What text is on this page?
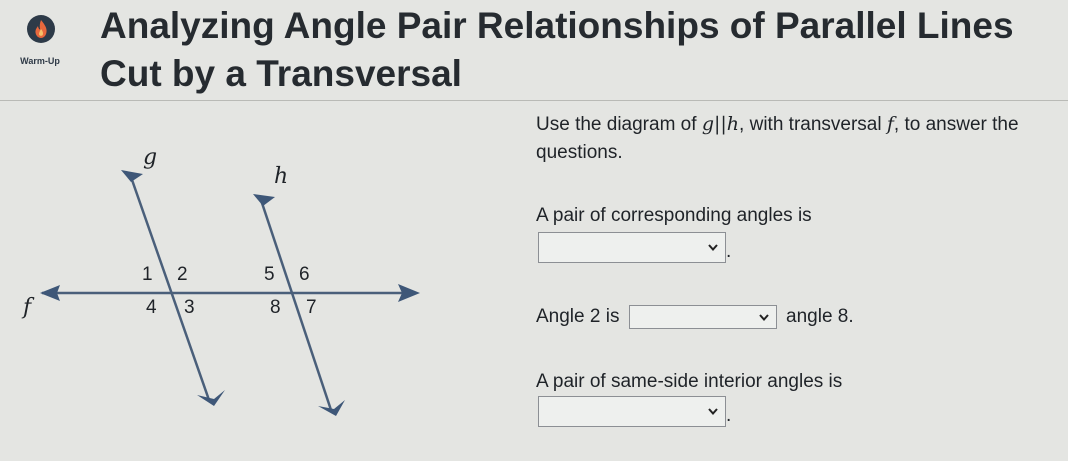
Warm-Up
Analyzing Angle Pair Relationships of Parallel Lines Cut by a Transversal
g
h
f
1 2
3
4
5 6
7
8
Use the diagram of g||h, with transversal f, to answer the questions.
A pair of corresponding angles is
.
Angle 2 is	angle 8.
A pair of same-side interior angles is
.
